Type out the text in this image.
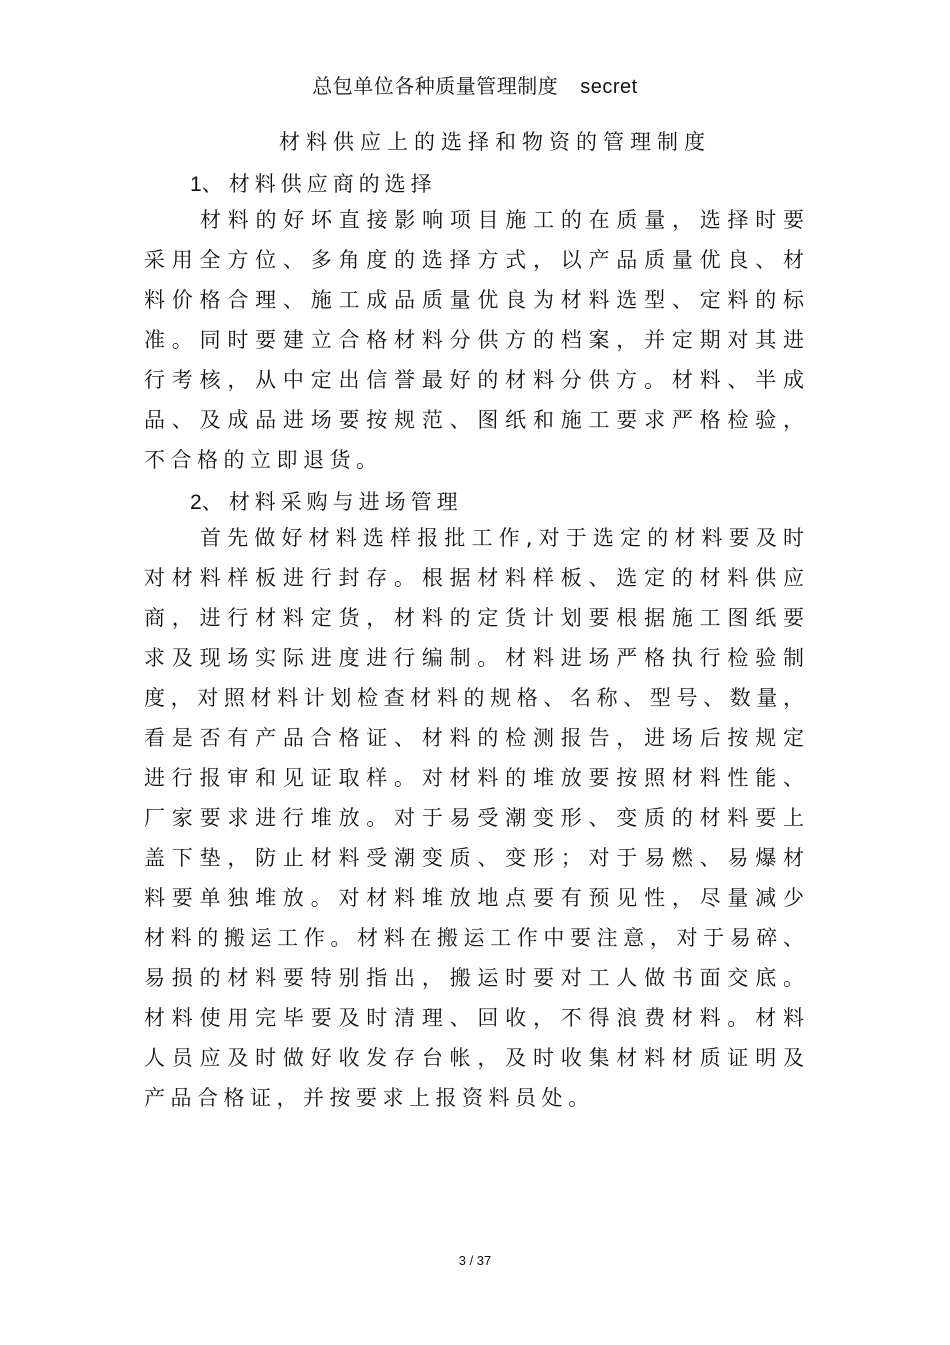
总包单位各种质量管理制度 secret
材料供应上的选择和物资的管理制度
1、 材料供应商的选择
材料的好坏直接影响项目施工的在质量，选择时要
采用全方位、多角度的选择方式，以产品质量优良、材
料价格合理、施工成品质量优良为材料选型、定料的标
准。同时要建立合格材料分供方的档案，并定期对其进
行考核，从中定出信誉最好的材料分供方。材料、半成
品、及成品进场要按规范、图纸和施工要求严格检验，
不合格的立即退货。
2、 材料采购与进场管理
首先做好材料选样报批工作,对于选定的材料要及时
对材料样板进行封存。根据材料样板、选定的材料供应
商，进行材料定货，材料的定货计划要根据施工图纸要
求及现场实际进度进行编制。材料进场严格执行检验制
度，对照材料计划检查材料的规格、名称、型号、数量，
看是否有产品合格证、材料的检测报告，进场后按规定
进行报审和见证取样。对材料的堆放要按照材料性能、
厂家要求进行堆放。对于易受潮变形、变质的材料要上
盖下垫，防止材料受潮变质、变形；对于易燃、易爆材
料要单独堆放。对材料堆放地点要有预见性，尽量减少
材料的搬运工作。材料在搬运工作中要注意，对于易碎、
易损的材料要特别指出，搬运时要对工人做书面交底。
材料使用完毕要及时清理、回收，不得浪费材料。材料
人员应及时做好收发存台帐，及时收集材料材质证明及
产品合格证，并按要求上报资料员处。
3 / 37
